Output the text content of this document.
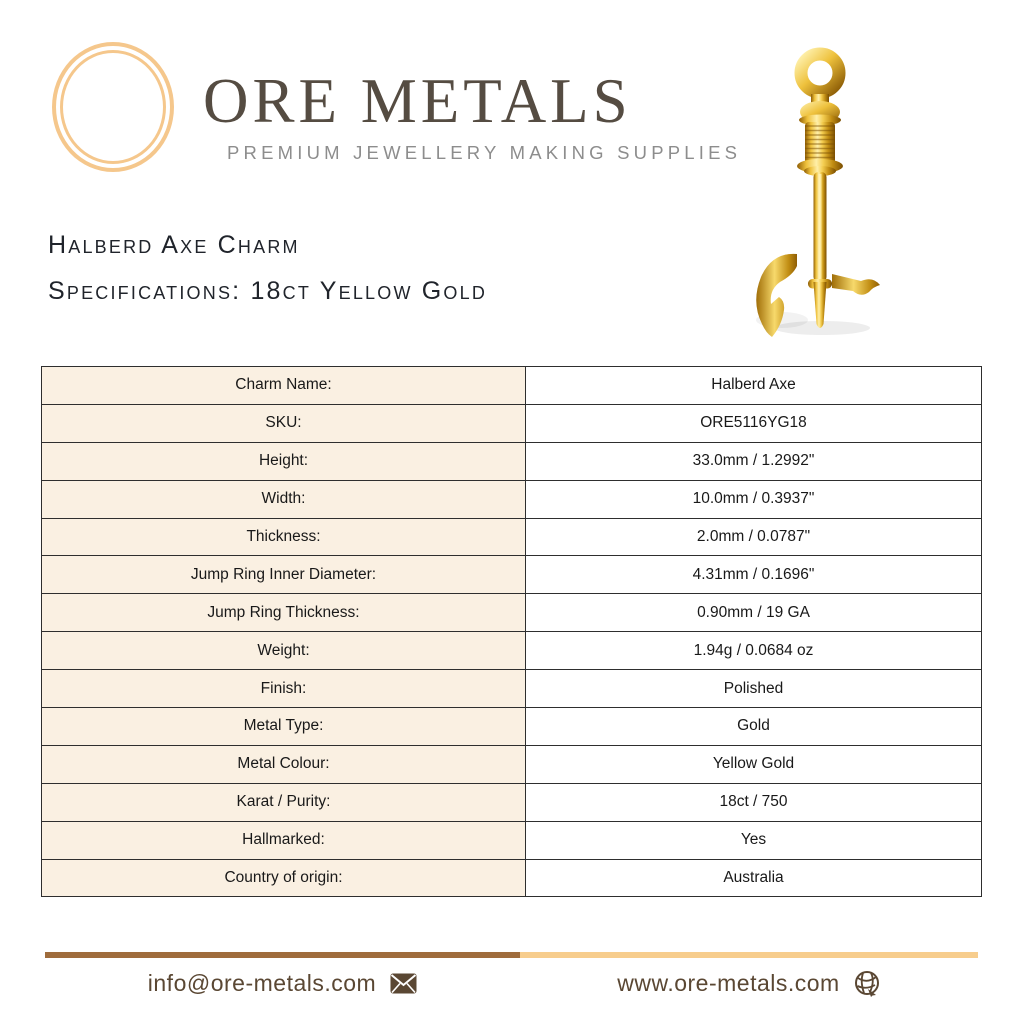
ORE METALS
PREMIUM JEWELLERY MAKING SUPPLIES
Halberd Axe Charm
Specifications: 18ct Yellow Gold
Charm Name:	Halberd Axe
SKU:	ORE5116YG18
Height:	33.0mm / 1.2992"
Width:	10.0mm / 0.3937"
Thickness:	2.0mm / 0.0787"
Jump Ring Inner Diameter:	4.31mm / 0.1696"
Jump Ring Thickness:	0.90mm / 19 GA
Weight:	1.94g / 0.0684 oz
Finish:	Polished
Metal Type:	Gold
Metal Colour:	Yellow Gold
Karat / Purity:	18ct / 750
Hallmarked:	Yes
Country of origin:	Australia
info@ore-metals.com	www.ore-metals.com
